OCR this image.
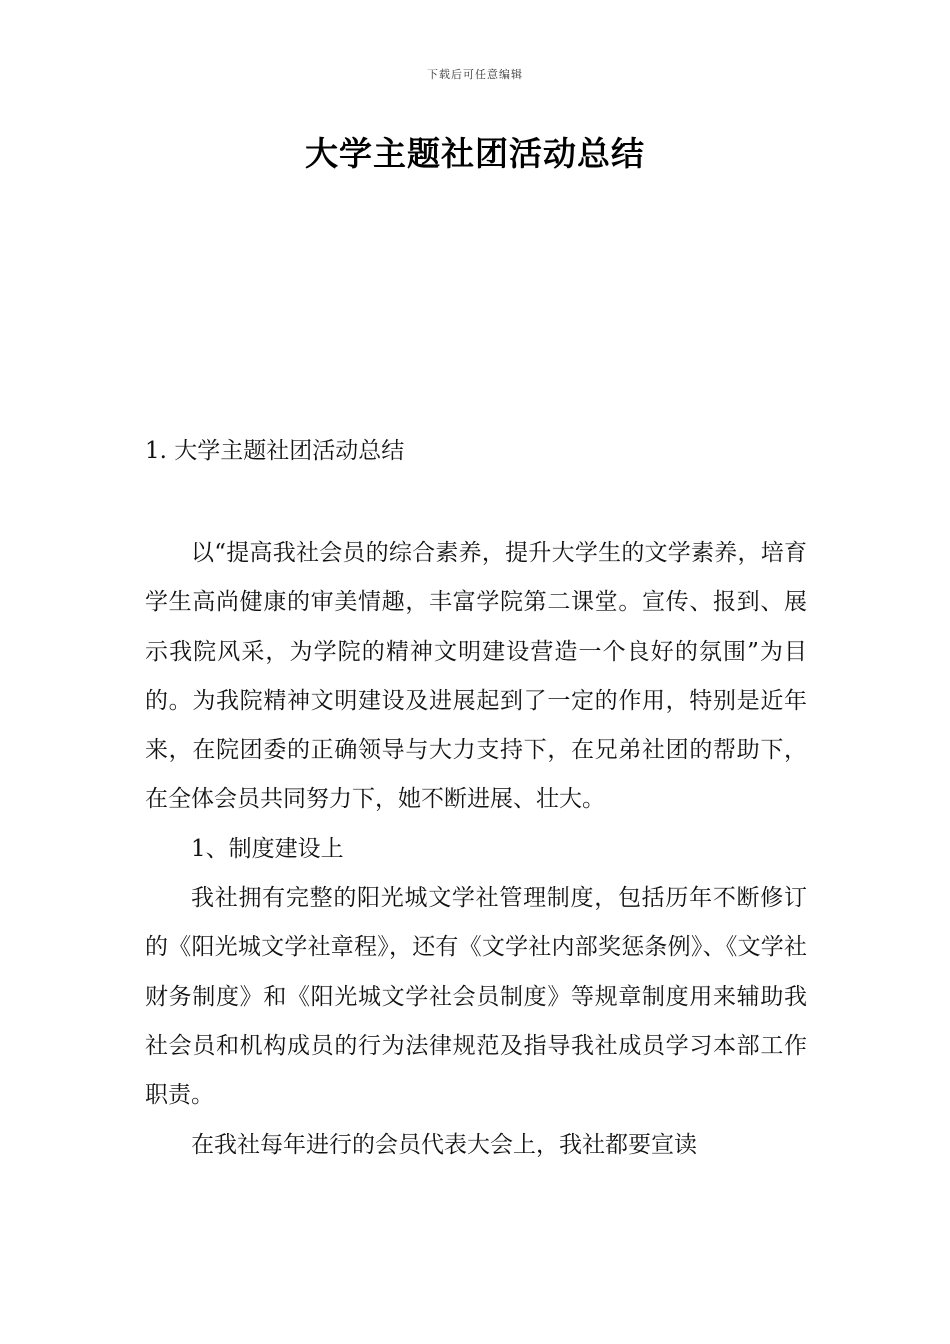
下载后可任意编辑
大学主题社团活动总结
1. 大学主题社团活动总结

以“提高我社会员的综合素养，提升大学生的文学素养，培育学生高尚健康的审美情趣，丰富学院第二课堂。宣传、报到、展示我院风采，为学院的精神文明建设营造一个良好的氛围”为目的。为我院精神文明建设及进展起到了一定的作用，特别是近年来，在院团委的正确领导与大力支持下，在兄弟社团的帮助下，在全体会员共同努力下，她不断进展、壮大。

1、制度建设上

我社拥有完整的阳光城文学社管理制度，包括历年不断修订的《阳光城文学社章程》，还有《文学社内部奖惩条例》、《文学社财务制度》和《阳光城文学社会员制度》等规章制度用来辅助我社会员和机构成员的行为法律规范及指导我社成员学习本部工作职责。

在我社每年进行的会员代表大会上，我社都要宣读
